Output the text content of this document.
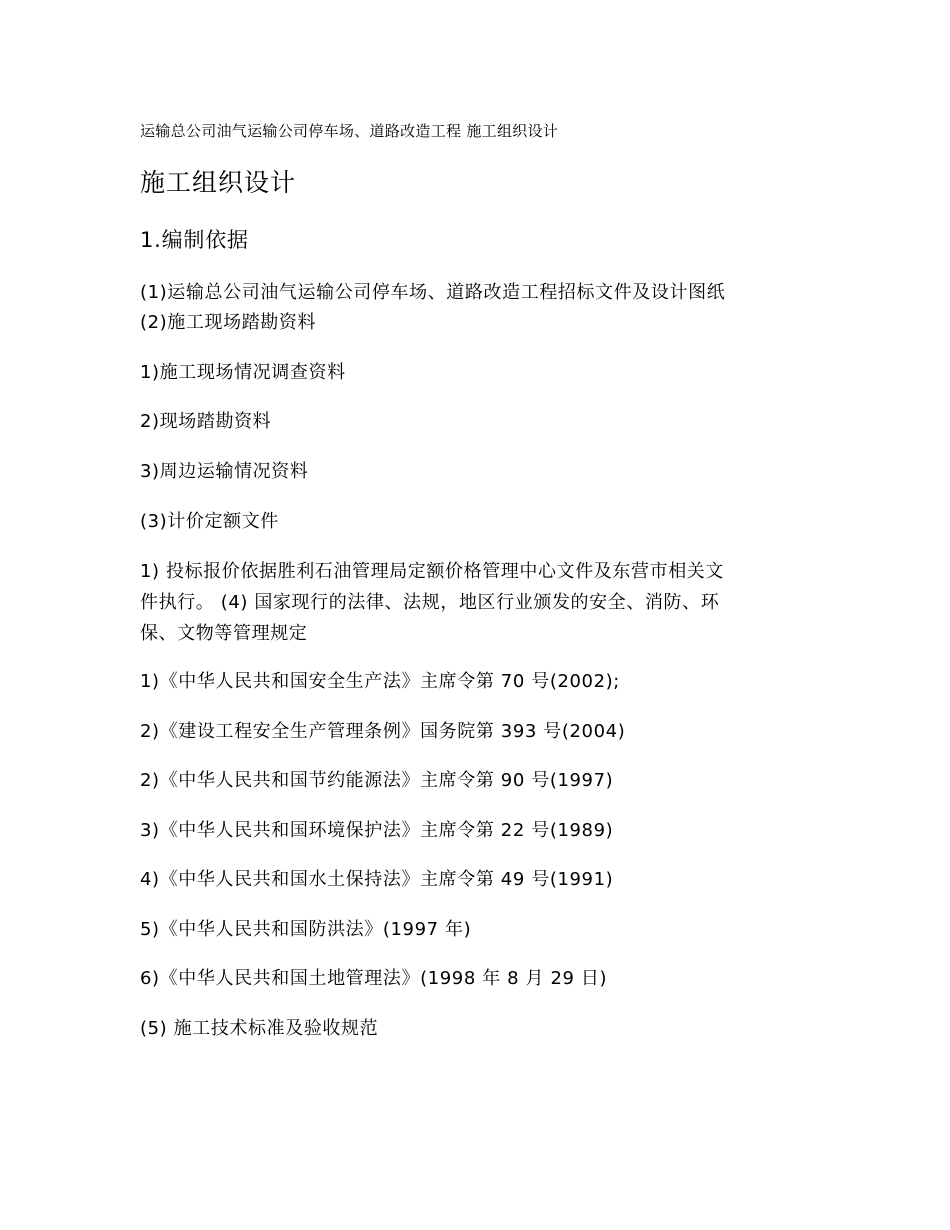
运输总公司油气运输公司停车场、道路改造工程 施工组织设计
施工组织设计
1.编制依据
(1)运输总公司油气运输公司停车场、道路改造工程招标文件及设计图纸
(2)施工现场踏勘资料
1)施工现场情况调查资料
2)现场踏勘资料
3)周边运输情况资料
(3)计价定额文件
1) 投标报价依据胜利石油管理局定额价格管理中心文件及东营市相关文
件执行。 (4) 国家现行的法律、法规，地区行业颁发的安全、消防、环
保、文物等管理规定
1)《中华人民共和国安全生产法》主席令第 70 号(2002);
2)《建设工程安全生产管理条例》国务院第 393 号(2004)
2)《中华人民共和国节约能源法》主席令第 90 号(1997)
3)《中华人民共和国环境保护法》主席令第 22 号(1989)
4)《中华人民共和国水土保持法》主席令第 49 号(1991)
5)《中华人民共和国防洪法》(1997 年)
6)《中华人民共和国土地管理法》(1998 年 8 月 29 日)
(5) 施工技术标准及验收规范
